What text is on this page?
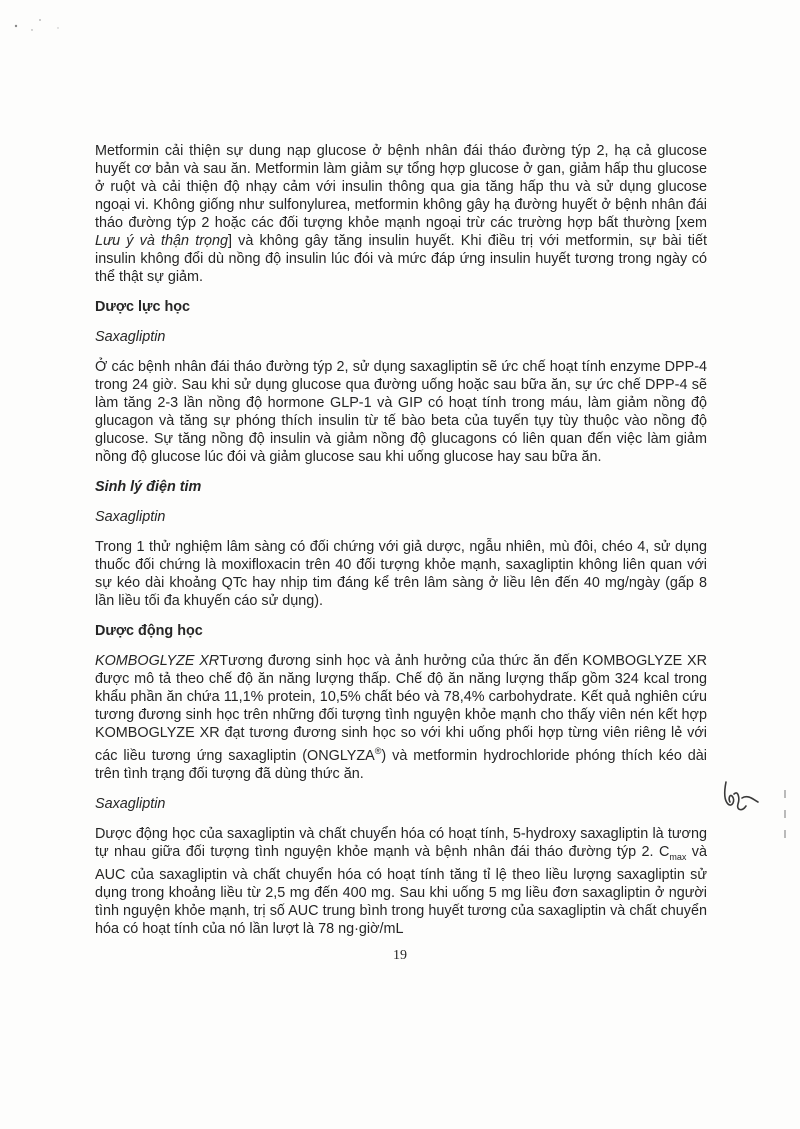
Metformin cải thiện sự dung nạp glucose ở bệnh nhân đái tháo đường týp 2, hạ cả glucose huyết cơ bản và sau ăn. Metformin làm giảm sự tổng hợp glucose ở gan, giảm hấp thu glucose ở ruột và cải thiện độ nhạy cảm với insulin thông qua gia tăng hấp thu và sử dụng glucose ngoại vi. Không giống như sulfonylurea, metformin không gây hạ đường huyết ở bệnh nhân đái tháo đường týp 2 hoặc các đối tượng khỏe mạnh ngoại trừ các trường hợp bất thường [xem Lưu ý và thận trọng] và không gây tăng insulin huyết. Khi điều trị với metformin, sự bài tiết insulin không đổi dù nồng độ insulin lúc đói và mức đáp ứng insulin huyết tương trong ngày có thể thật sự giảm.

Dược lực học

Saxagliptin

Ở các bệnh nhân đái tháo đường týp 2, sử dụng saxagliptin sẽ ức chế hoạt tính enzyme DPP-4 trong 24 giờ. Sau khi sử dụng glucose qua đường uống hoặc sau bữa ăn, sự ức chế DPP-4 sẽ làm tăng 2-3 lần nồng độ hormone GLP-1 và GIP có hoạt tính trong máu, làm giảm nồng độ glucagon và tăng sự phóng thích insulin từ tế bào beta của tuyến tụy tùy thuộc vào nồng độ glucose. Sự tăng nồng độ insulin và giảm nồng độ glucagons có liên quan đến việc làm giảm nồng độ glucose lúc đói và giảm glucose sau khi uống glucose hay sau bữa ăn.

Sinh lý điện tim

Saxagliptin

Trong 1 thử nghiệm lâm sàng có đối chứng với giả dược, ngẫu nhiên, mù đôi, chéo 4, sử dụng thuốc đối chứng là moxifloxacin trên 40 đối tượng khỏe mạnh, saxagliptin không liên quan với sự kéo dài khoảng QTc hay nhịp tim đáng kể trên lâm sàng ở liều lên đến 40 mg/ngày (gấp 8 lần liều tối đa khuyến cáo sử dụng).

Dược động học

KOMBOGLYZE XRTương đương sinh học và ảnh hưởng của thức ăn đến KOMBOGLYZE XR được mô tả theo chế độ ăn năng lượng thấp. Chế độ ăn năng lượng thấp gồm 324 kcal trong khẩu phần ăn chứa 11,1% protein, 10,5% chất béo và 78,4% carbohydrate. Kết quả nghiên cứu tương đương sinh học trên những đối tượng tình nguyện khỏe mạnh cho thấy viên nén kết hợp KOMBOGLYZE XR đạt tương đương sinh học so với khi uống phối hợp từng viên riêng lẻ với các liều tương ứng saxagliptin (ONGLYZA®) và metformin hydrochloride phóng thích kéo dài trên tình trạng đối tượng đã dùng thức ăn.

Saxagliptin

Dược động học của saxagliptin và chất chuyển hóa có hoạt tính, 5-hydroxy saxagliptin là tương tự nhau giữa đối tượng tình nguyện khỏe mạnh và bệnh nhân đái tháo đường týp 2. $C_{max}$ và AUC của saxagliptin và chất chuyển hóa có hoạt tính tăng tỉ lệ theo liều lượng saxagliptin sử dụng trong khoảng liều từ 2,5 mg đến 400 mg. Sau khi uống 5 mg liều đơn saxagliptin ở người tình nguyện khỏe mạnh, trị số AUC trung bình trong huyết tương của saxagliptin và chất chuyển hóa có hoạt tính của nó lần lượt là 78 ng·giờ/mL

19
